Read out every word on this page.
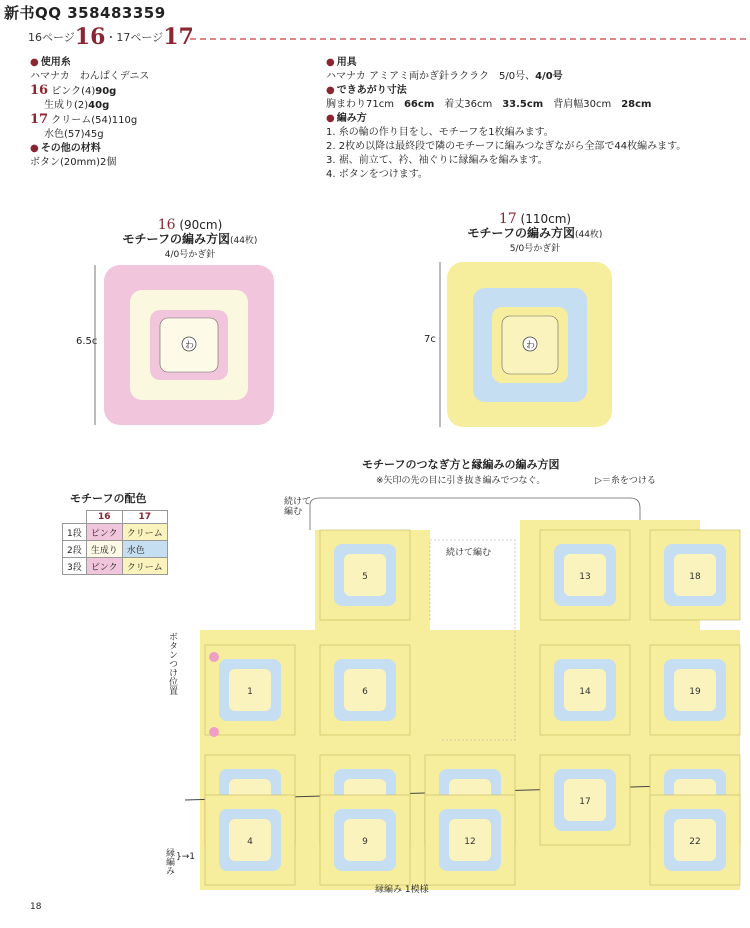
新书QQ 358483359
16ページ16・17ページ17
● 使用糸
ハマナカ　わんぱくデニス
16 ピンク(4)90g
生成り(2)40g
17 クリーム(54)110g
水色(57)45g
● その他の材料
ボタン(20mm)2個
● 用具
ハマナカ アミアミ両かぎ針ラクラク　5/0号、4/0号
● できあがり寸法
胸まわり71cm　 66cm　 着丈36cm　 33.5cm　 背肩幅30cm　 28cm
● 編み方
1. 糸の輪の作り目をし、モチーフを1枚編みます。
2. 2枚め以降は最終段で隣のモチーフに編みつなぎながら全部で44枚編みます。
3. 裾、前立て、衿、袖ぐりに縁編みを編みます。
4. ボタンをつけます。
16 (90cm)
モチーフの編み方図(44枚)
4/0号かぎ針
6.5c
17 (110cm)
モチーフの編み方図(44枚)
5/0号かぎ針
7c
わ	わ
モチーフのつなぎ方と縁編みの編み方図
※矢印の先の目に引き抜き編みでつなぐ。	▷＝糸をつける
モチーフの配色
	16	17
1段	ピンク	クリーム
2段	生成り	水色
3段	ピンク	クリーム
1	6	14	19
17
5	13	18
4	9	12	22
続けて編む
続けて編む
ボタンつけ位置
縁編み }→1
縁編み 1模様
18
